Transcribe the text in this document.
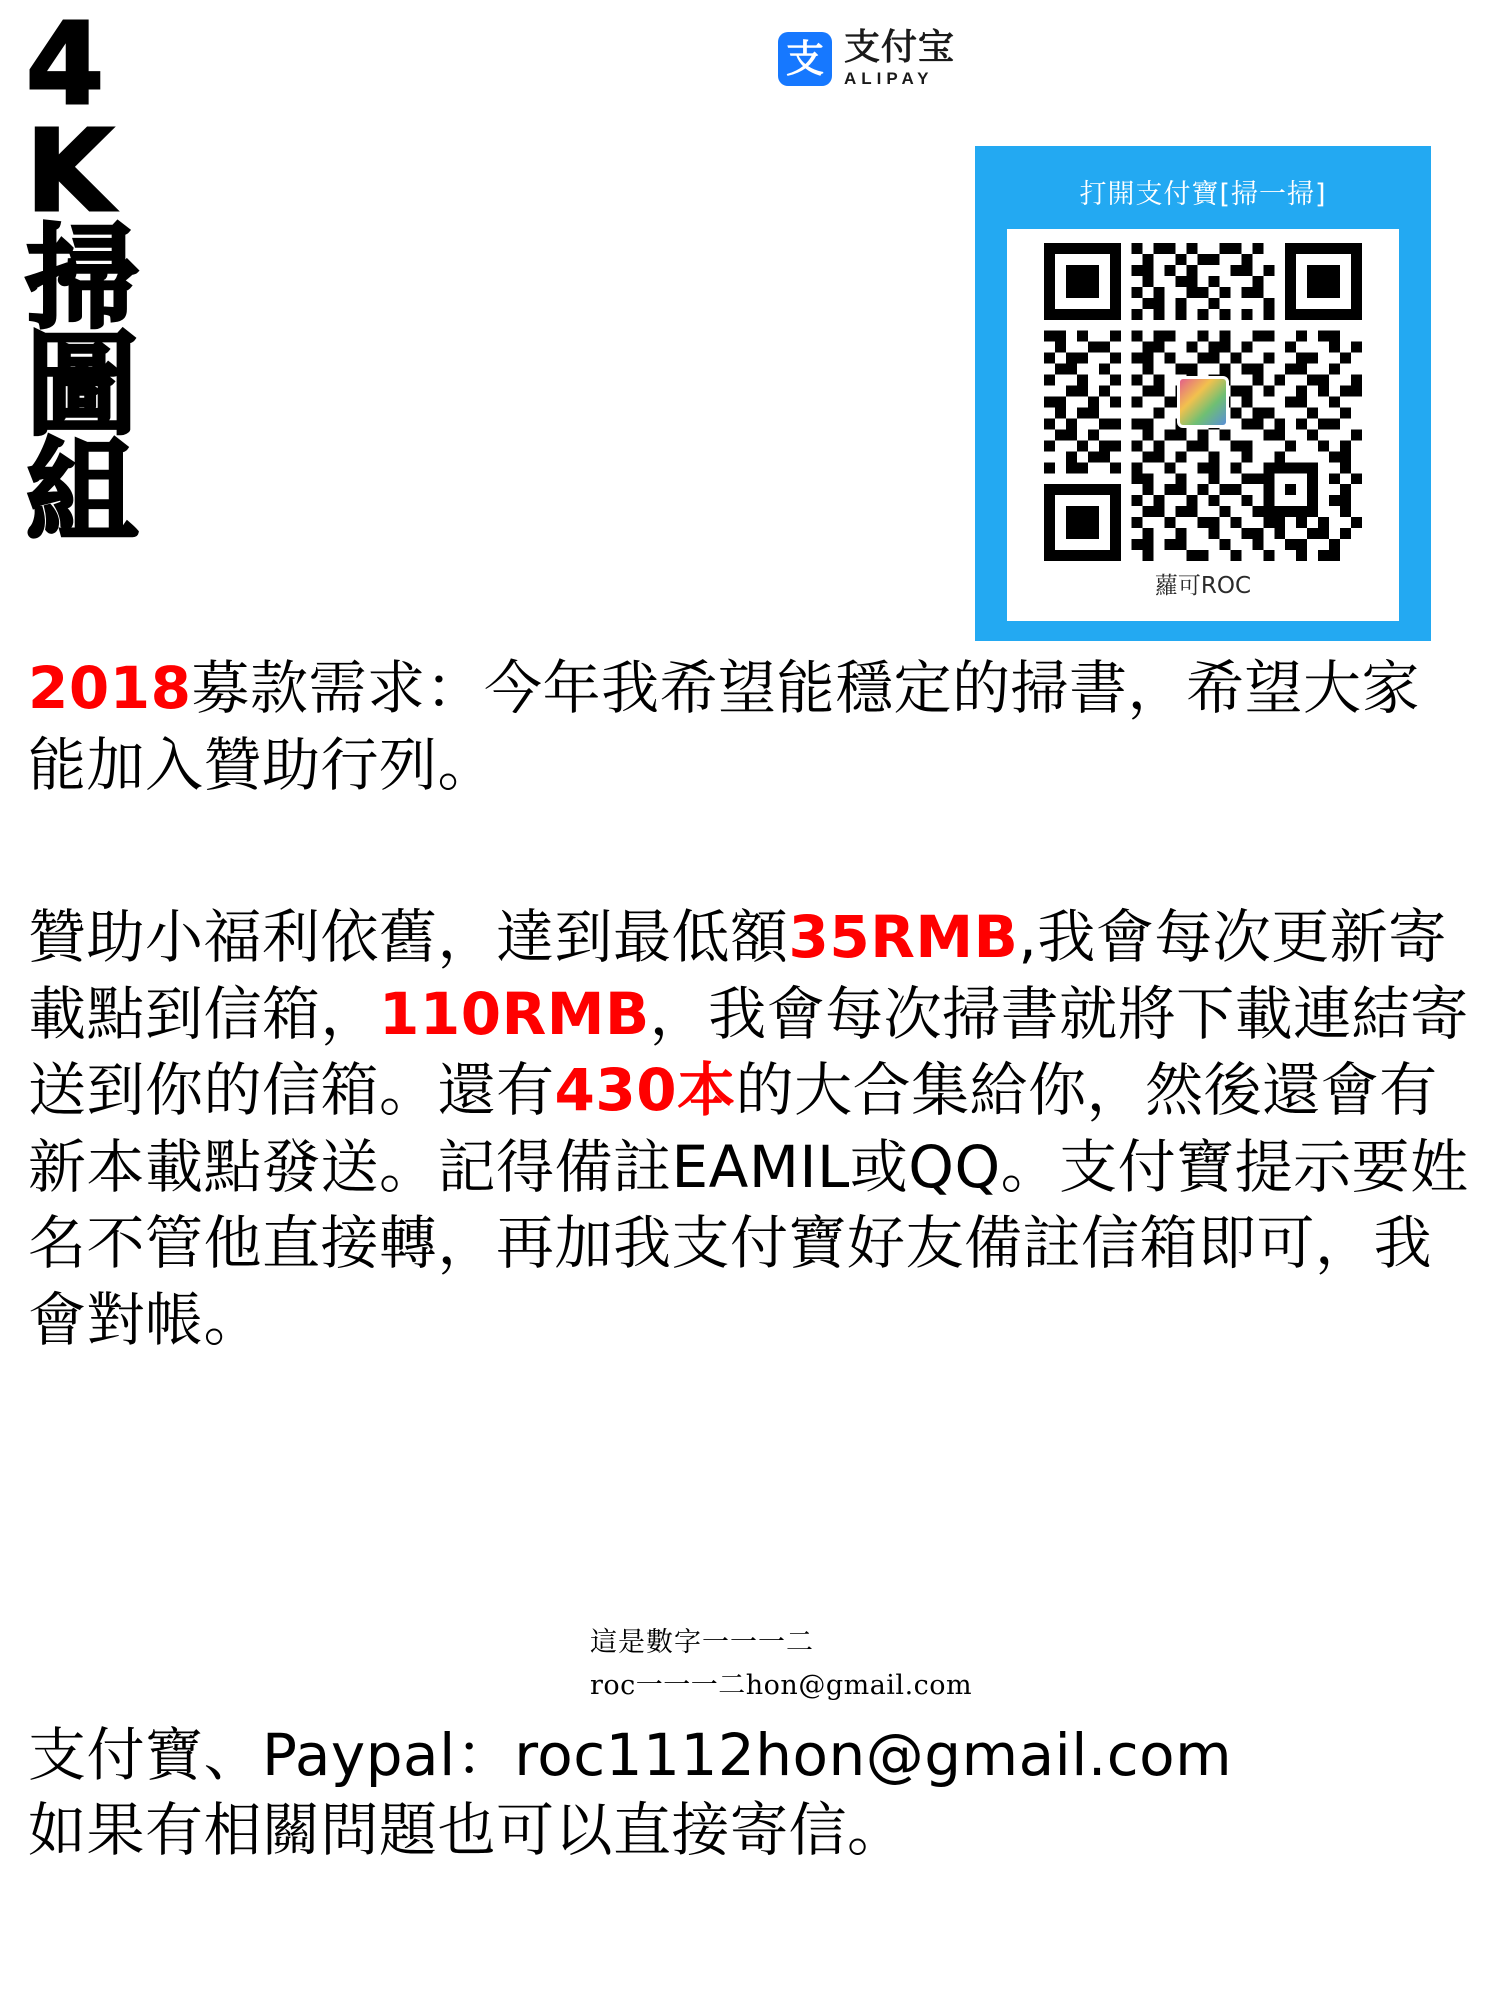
4
K
掃
圖
組
支 支付宝
ALIPAY
打開支付寶[掃一掃]
蘿可ROC

2018募款需求：今年我希望能穩定的掃書，希望大家能加入贊助行列。

贊助小福利依舊，達到最低額35RMB,我會每次更新寄載點到信箱，110RMB，我會每次掃書就將下載連結寄送到你的信箱。還有430本的大合集給你，然後還會有新本載點發送。記得備註EAMIL或QQ。支付寶提示要姓名不管他直接轉，再加我支付寶好友備註信箱即可，我會對帳。

這是數字一一一二
roc一一一二hon@gmail.com

支付寶、Paypal：roc1112hon@gmail.com

如果有相關問題也可以直接寄信。
